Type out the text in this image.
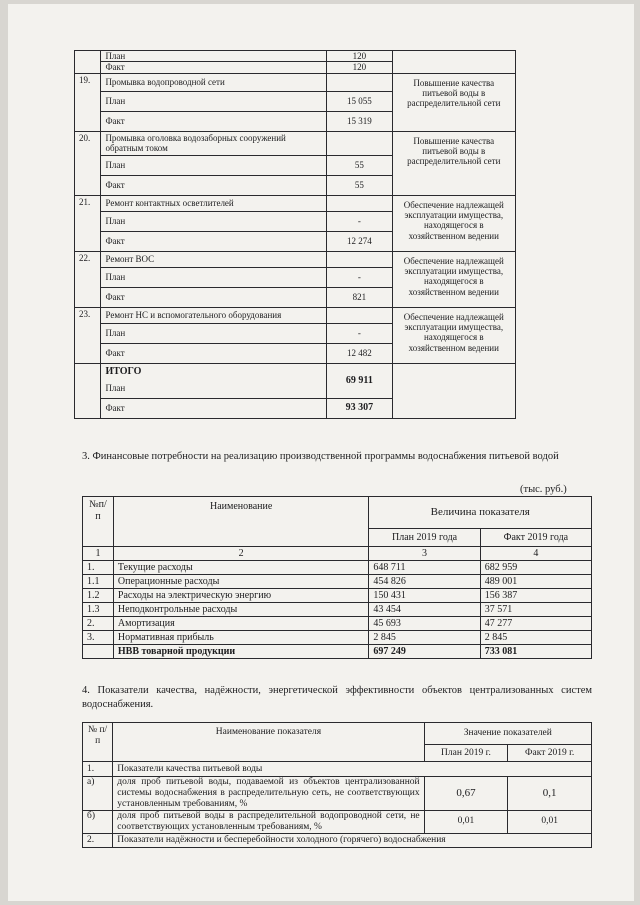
	План	120	
	Факт	120	
19.	Промывка водопроводной сети		Повышение качества питьевой воды в распределительной сети
	План	15 055	
	Факт	15 319	
20.	Промывка оголовка водозаборных сооружений обратным током		Повышение качества питьевой воды в распределительной сети
	План	55	
	Факт	55	
21.	Ремонт контактных осветлителей		Обеспечение надлежащей эксплуатации имущества, находящегося в хозяйственном ведении
	План	-	
	Факт	12 274	
22.	Ремонт ВОС		Обеспечение надлежащей эксплуатации имущества, находящегося в хозяйственном ведении
	План	-	
	Факт	821	
23.	Ремонт НС и вспомогательного оборудования		Обеспечение надлежащей эксплуатации имущества, находящегося в хозяйственном ведении
	План	-	
	Факт	12 482	

	ИТОГО
План	69 911	
	Факт	93 307	
3. Финансовые потребности на реализацию производственной программы водоснабжения питьевой водой
(тыс. руб.)
№п/п	Наименование	Величина показателя	
		План 2019 года	Факт 2019 года
1	2	3	4
1.	Текущие расходы	648 711	682 959
1.1	Операционные расходы	454 826	489 001
1.2	Расходы на электрическую энергию	150 431	156 387
1.3	Неподконтрольные расходы	43 454	37 571
2.	Амортизация	45 693	47 277
3.	Нормативная прибыль	2 845	2 845
	НВВ товарной продукции	697 249	733 081
4. Показатели качества, надёжности, энергетической эффективности объектов централизованных систем водоснабжения.
№ п/п	Наименование показателя	Значение показателей	
		План 2019 г.	Факт 2019 г.
1.	Показатели качества питьевой воды		
а)	доля проб питьевой воды, подаваемой из объектов централизованной системы водоснабжения в распределительную сеть, не соответствующих установленным требованиям, %	0,67	0,1
б)	доля проб питьевой воды в распределительной водопроводной сети, не соответствующих установленным требованиям, %	0,01	0,01
2.	Показатели надёжности и бесперебойности холодного (горячего) водоснабжения		
